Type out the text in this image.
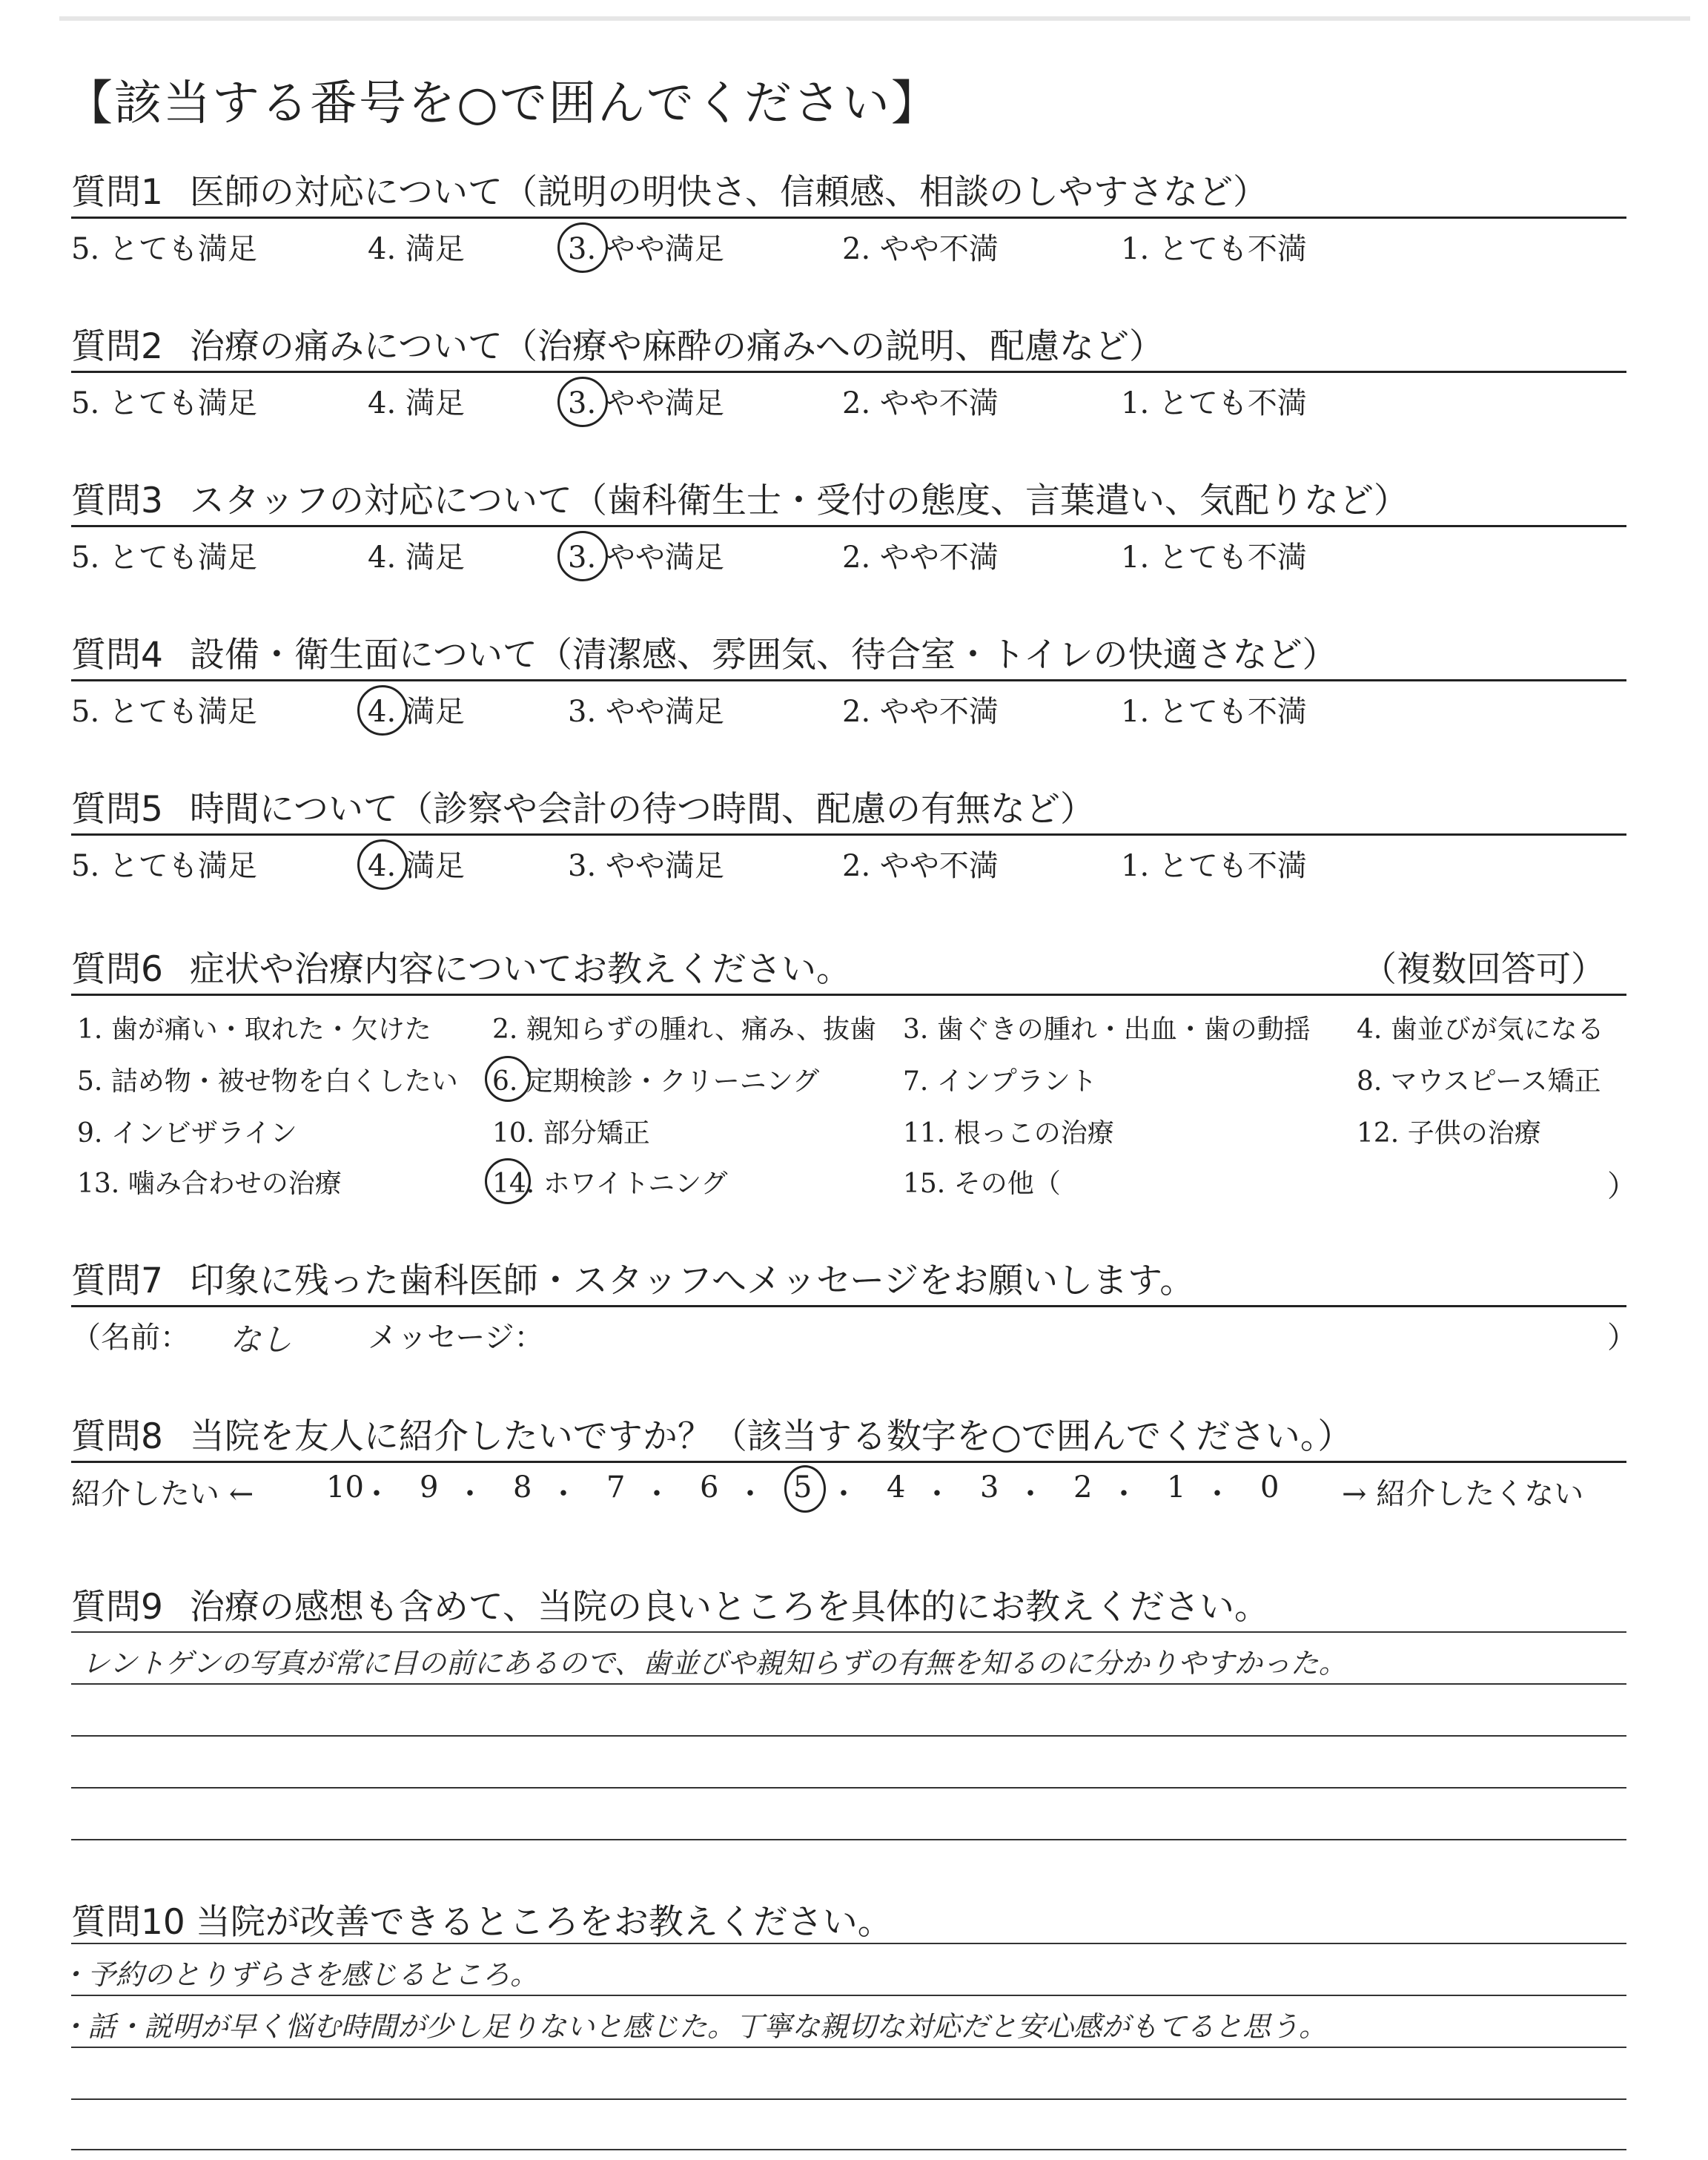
【該当する番号を○で囲んでください】
質問1 医師の対応について（説明の明快さ、信頼感、相談のしやすさなど）
5. とても満足	4. 満足	3. やや満足	2. やや不満	1. とても不満
質問2 治療の痛みについて（治療や麻酔の痛みへの説明、配慮など）
5. とても満足	4. 満足	3. やや満足	2. やや不満	1. とても不満
質問3 スタッフの対応について（歯科衛生士・受付の態度、言葉遣い、気配りなど）
5. とても満足	4. 満足	3. やや満足	2. やや不満	1. とても不満
質問4 設備・衛生面について（清潔感、雰囲気、待合室・トイレの快適さなど）
5. とても満足	4. 満足	3. やや満足	2. やや不満	1. とても不満
質問5 時間について（診察や会計の待つ時間、配慮の有無など）
5. とても満足	4. 満足	3. やや満足	2. やや不満	1. とても不満
質問6 症状や治療内容についてお教えください。	（複数回答可）
1. 歯が痛い・取れた・欠けた 2. 親知らずの腫れ、痛み、抜歯 3. 歯ぐきの腫れ・出血・歯の動揺 4. 歯並びが気になる
5. 詰め物・被せ物を白くしたい 6. 定期検診・クリーニング	7. インプラント	8. マウスピース矯正
9. インビザライン	10. 部分矯正	11. 根っこの治療	12. 子供の治療
13. 噛み合わせの治療	14. ホワイトニング	15. その他（	）
質問7 印象に残った歯科医師・スタッフへメッセージをお願いします。
（名前： なし	メッセージ：	）
質問8 当院を友人に紹介したいですか？（該当する数字を○で囲んでください。）
紹介したい ← 10
・ 9 ・ 8 ・ 7 ・ 6 ・ 5 ・ 4 ・ 3 ・ 2 ・ 1 ・ 0 → 紹介したくない
質問9 治療の感想も含めて、当院の良いところを具体的にお教えください。
レントゲンの写真が常に目の前にあるので、歯並びや親知らずの有無を知るのに分かりやすかった。
質問10 当院が改善できるところをお教えください。
・予約のとりずらさを感じるところ。
・話・説明が早く悩む時間が少し足りないと感じた。丁寧な親切な対応だと安心感がもてると思う。
